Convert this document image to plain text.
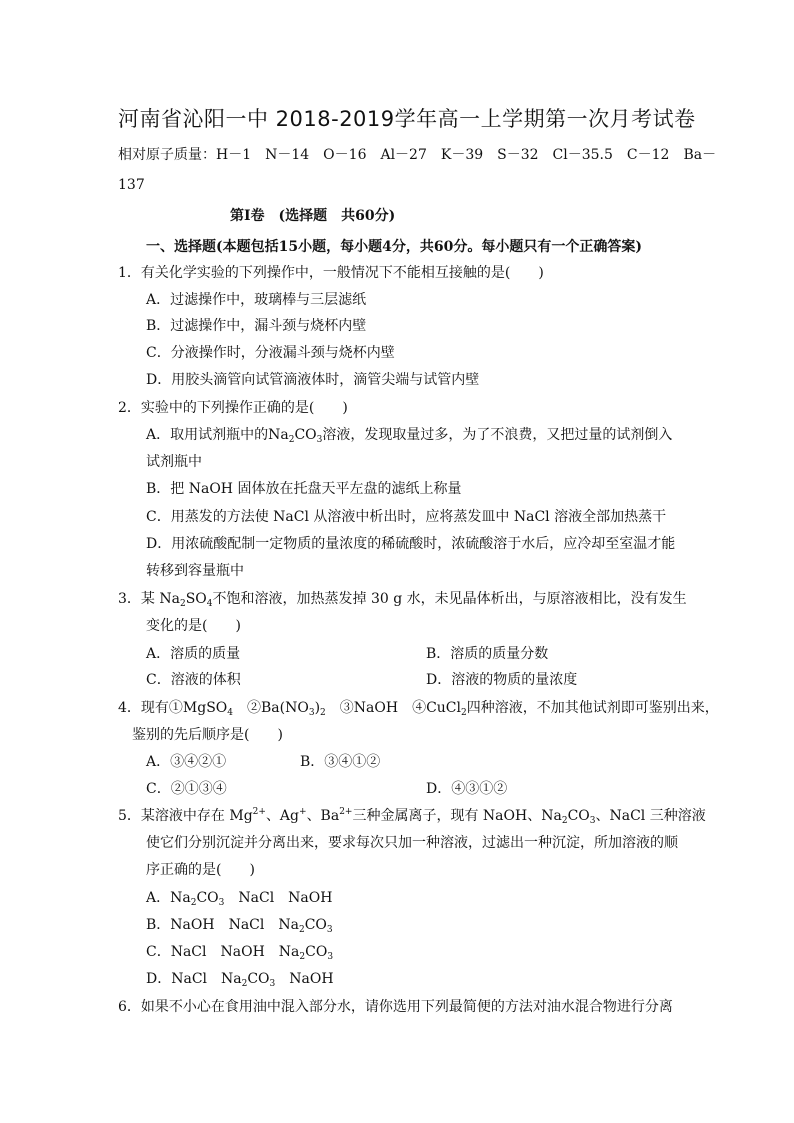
河南省沁阳一中 2018-2019学年高一上学期第一次月考试卷
相对原子质量：H－1　N－14　O－16　Al－27　K－39　S－32　Cl－35.5　C－12　Ba－
137
第Ⅰ卷　(选择题　共60分)
一、选择题(本题包括15小题，每小题4分，共60分。每小题只有一个正确答案)
1．有关化学实验的下列操作中，一般情况下不能相互接触的是(　　)
A．过滤操作中，玻璃棒与三层滤纸
B．过滤操作中，漏斗颈与烧杯内壁
C．分液操作时，分液漏斗颈与烧杯内壁
D．用胶头滴管向试管滴液体时，滴管尖端与试管内壁
2．实验中的下列操作正确的是(　　)
A．取用试剂瓶中的$Na_2CO_3$溶液，发现取量过多，为了不浪费，又把过量的试剂倒入
试剂瓶中
B．把 NaOH 固体放在托盘天平左盘的滤纸上称量
C．用蒸发的方法使 NaCl 从溶液中析出时，应将蒸发皿中 NaCl 溶液全部加热蒸干
D．用浓硫酸配制一定物质的量浓度的稀硫酸时，浓硫酸溶于水后，应冷却至室温才能
转移到容量瓶中
3．某 $Na_2SO_4$不饱和溶液，加热蒸发掉 30 g 水，未见晶体析出，与原溶液相比，没有发生
变化的是(　　)
A．溶质的质量	B．溶质的质量分数
C．溶液的体积	D．溶液的物质的量浓度
4．现有①MgSO$_4$　$②Ba(NO_3)_2$　③NaOH　④CuCl$_2$四种溶液，不加其他试剂即可鉴别出来，
鉴别的先后顺序是(　　)
A．③④②①	B．③④①②
C．②①③④	D．④③①②
5．某溶液中存在 $Mg^{2+}$、Ag+、$Ba^{2+}$三种金属离子，现有 NaOH、$Na_2CO_3$、NaCl 三种溶液
使它们分别沉淀并分离出来，要求每次只加一种溶液，过滤出一种沉淀，所加溶液的顺
序正确的是(　　)
A．$Na_2CO_3$　NaCl　NaOH
B．NaOH　NaCl　$Na_2CO_3$
C．NaCl　NaOH　$Na_2CO_3$
D．NaCl　$Na_2CO_3$　NaOH
6．如果不小心在食用油中混入部分水，请你选用下列最简便的方法对油水混合物进行分离
